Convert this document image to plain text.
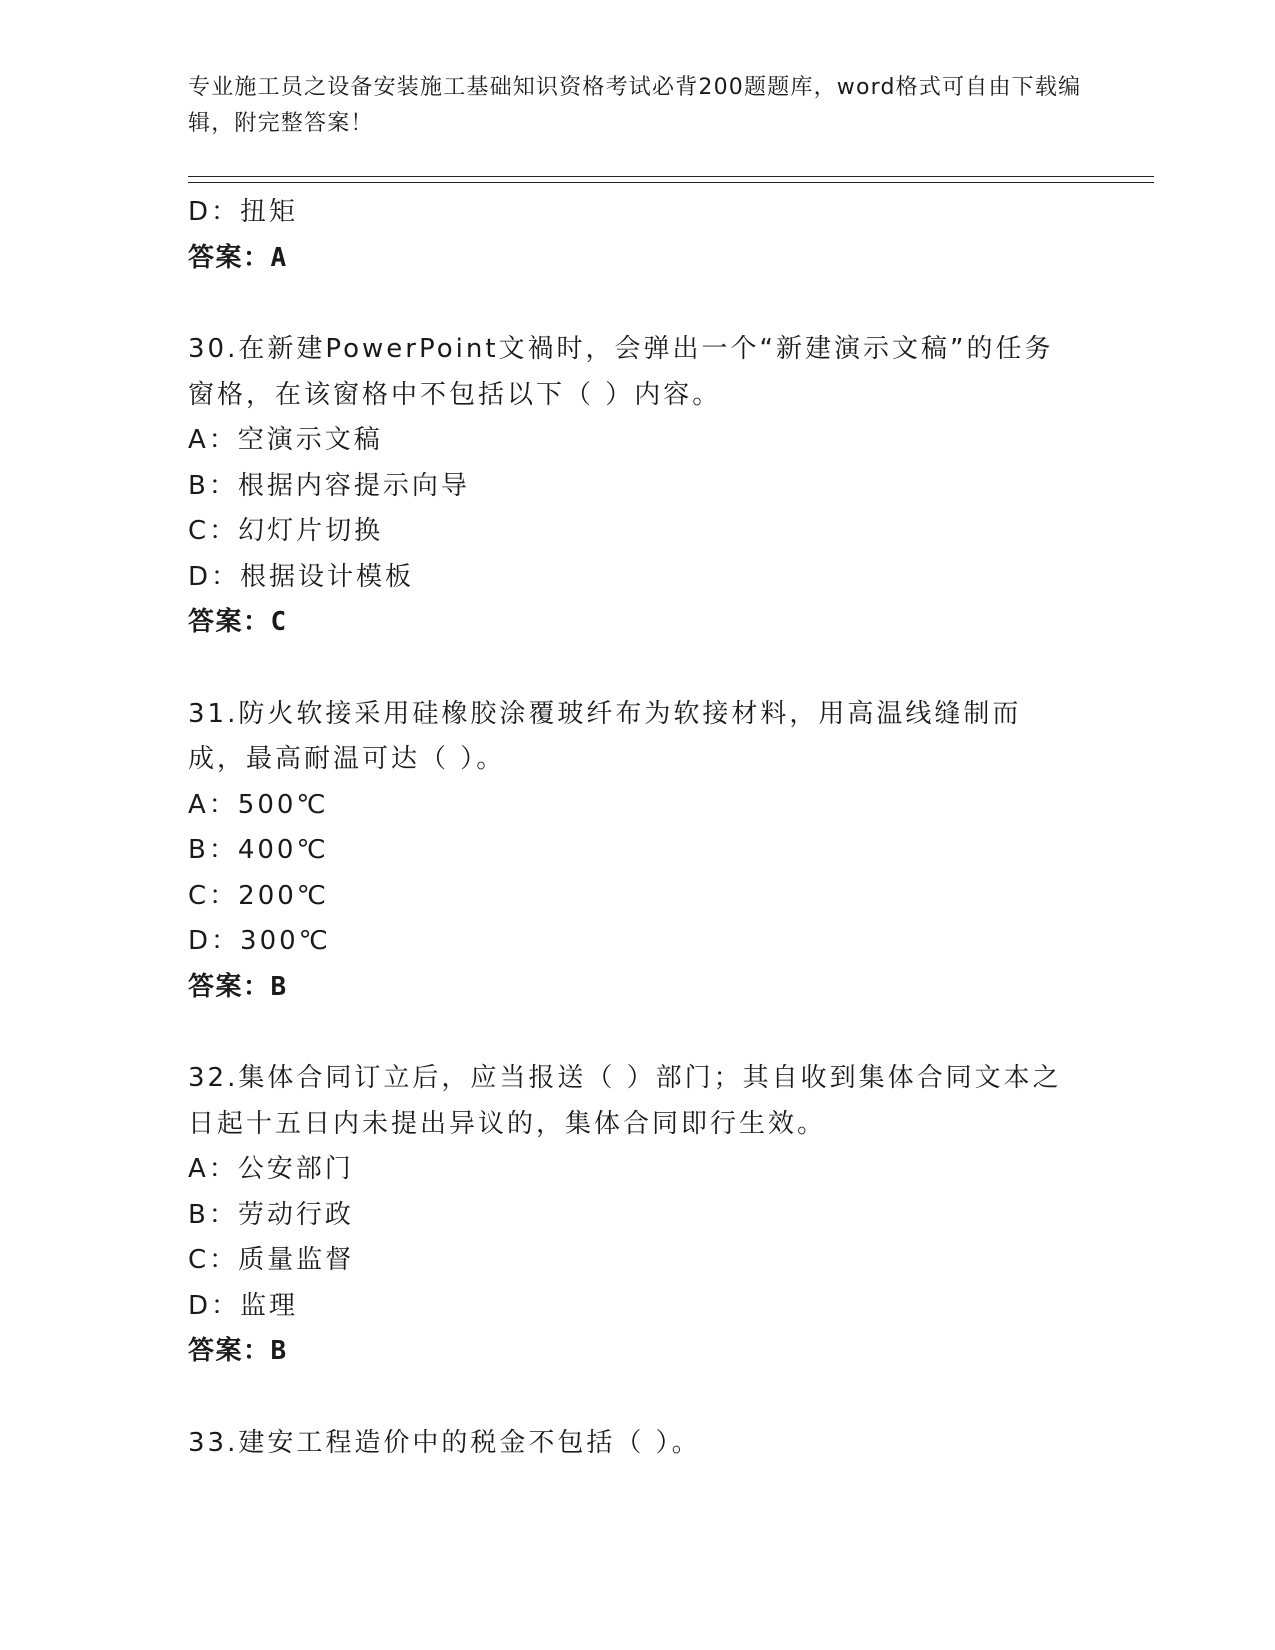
专业施工员之设备安装施工基础知识资格考试必背200题题库，word格式可自由下载编辑，附完整答案！
D：扭矩
答案：A
30.在新建PowerPoint文禍时，会弹出一个“新建演示文稿”的任务窗格，在该窗格中不包括以下（ ）内容。
A：空演示文稿
B：根据内容提示向导
C：幻灯片切换
D：根据设计模板
答案：C
31.防火软接采用硅橡胶涂覆玻纤布为软接材料，用高温线缝制而成，最高耐温可达（ ）。
A：500℃
B：400℃
C：200℃
D：300℃
答案：B
32.集体合同订立后，应当报送（ ）部门；其自收到集体合同文本之日起十五日内未提出异议的，集体合同即行生效。
A：公安部门
B：劳动行政
C：质量监督
D：监理
答案：B
33.建安工程造价中的税金不包括（ ）。
